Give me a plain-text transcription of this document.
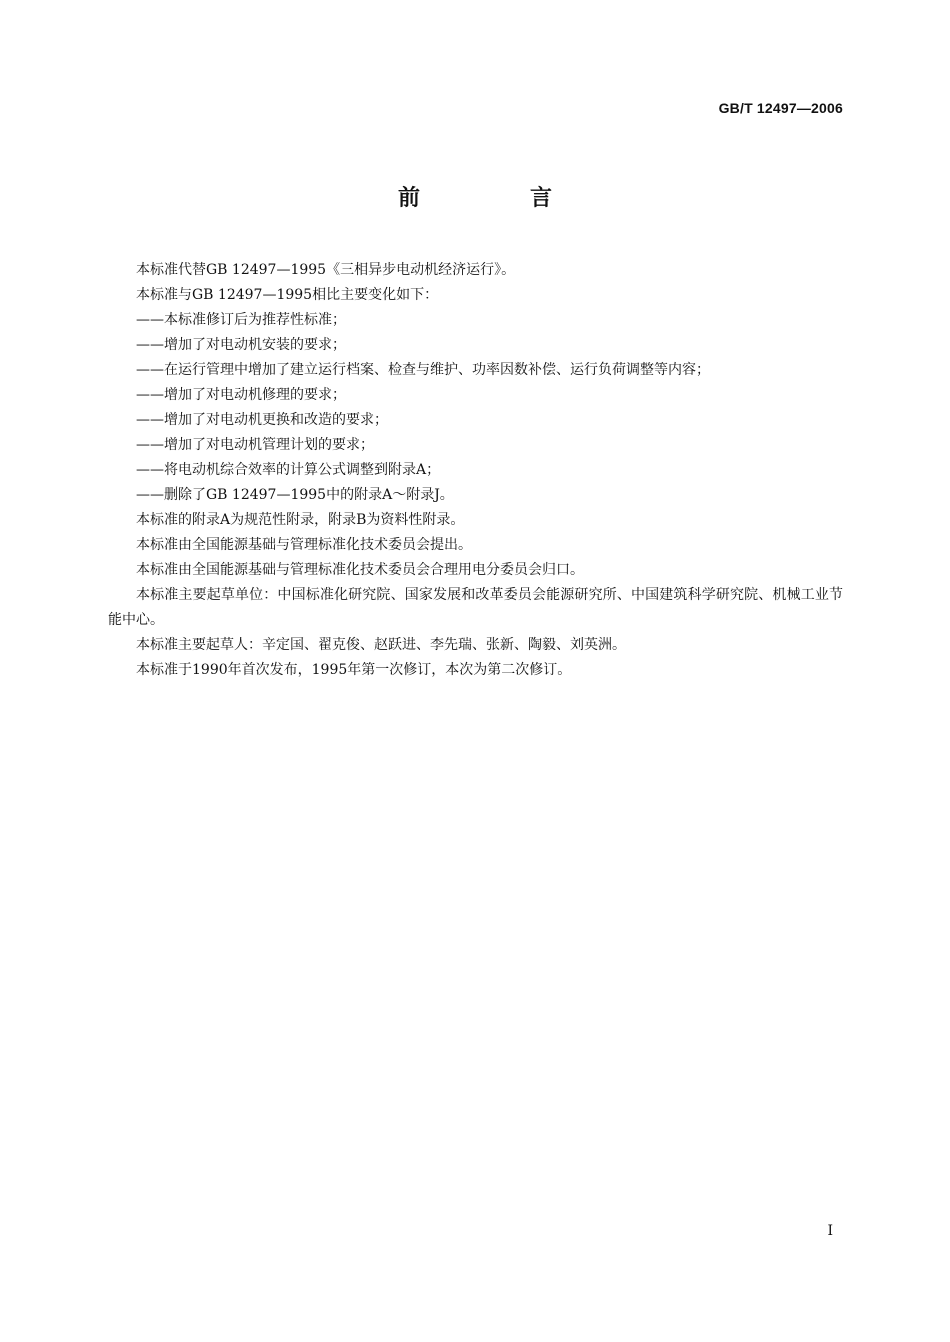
GB/T 12497—2006
前　言

本标准代替GB 12497—1995《三相异步电动机经济运行》。

本标准与GB 12497—1995相比主要变化如下：

——本标准修订后为推荐性标准；

——增加了对电动机安装的要求；

——在运行管理中增加了建立运行档案、检查与维护、功率因数补偿、运行负荷调整等内容；

——增加了对电动机修理的要求；

——增加了对电动机更换和改造的要求；

——增加了对电动机管理计划的要求；

——将电动机综合效率的计算公式调整到附录A；

——删除了GB 12497—1995中的附录A～附录J。

本标准的附录A为规范性附录，附录B为资料性附录。

本标准由全国能源基础与管理标准化技术委员会提出。

本标准由全国能源基础与管理标准化技术委员会合理用电分委员会归口。

本标准主要起草单位：中国标准化研究院、国家发展和改革委员会能源研究所、中国建筑科学研究院、机械工业节能中心。

本标准主要起草人：辛定国、翟克俊、赵跃进、李先瑞、张新、陶毅、刘英洲。

本标准于1990年首次发布，1995年第一次修订，本次为第二次修订。

I
